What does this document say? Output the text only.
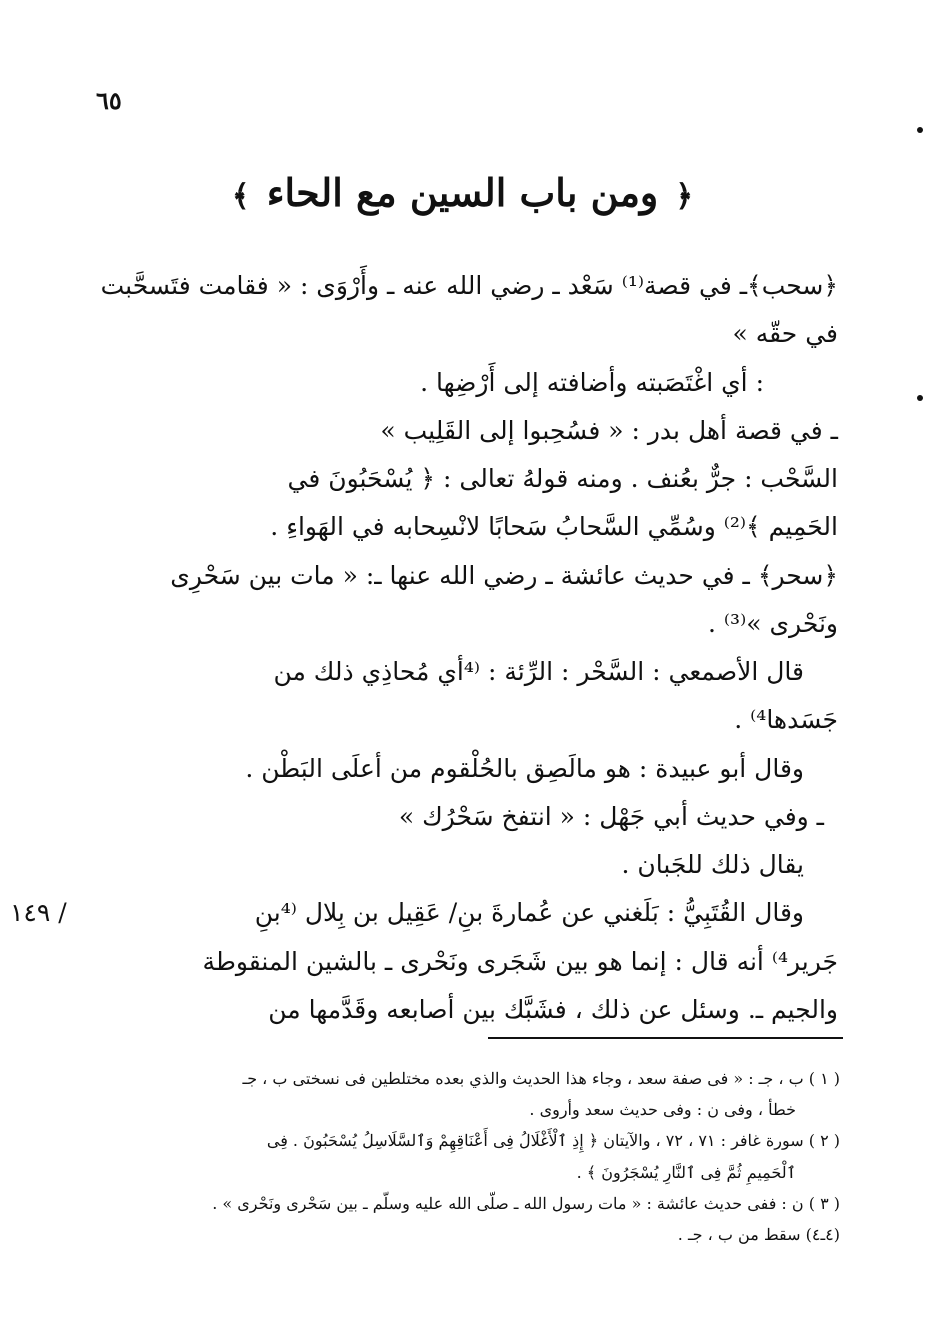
٦٥
﴿ ومن باب السين مع الحاء ﴾

﴿سحب﴾ـ في قصة⁽¹⁾ سَعْد ـ رضي الله عنه ـ وأَرْوَى : « فقامت فتَسحَّبت

في حقّه »

: أي اغْتَصَبته وأضافته إلى أَرْضِها .

ـ في قصة أهل بدر : « فسُحِبوا إلى القَلِيب »

السَّحْب : جرٌّ بعُنف . ومنه قولهُ تعالى : ﴿ يُسْحَبُونَ في

الحَمِيم ﴾⁽²⁾ وسُمِّي السَّحابُ سَحابًا لانْسِحابه في الهَواءِ .

﴿سحر﴾ ـ في حديث عائشة ـ رضي الله عنها ـ: « مات بين سَحْرِى

ونَحْرى »⁽³⁾ .

قال الأصمعي : السَّحْر : الرِّئة : ⁽⁴أي مُحاذِي ذلك من

جَسَدها⁴⁾ .

وقال أبو عبيدة : هو مالَصِق بالحُلْقوم من أعلَى البَطْن .

ـ وفي حديث أبي جَهْل : « انتفخ سَحْرُك »

يقال ذلك للجَبان .

١٤٩ /	وقال القُتَبِيُّ : بَلَغني عن عُمارةَ بنِ/ عَقِيل بن بِلال ⁽⁴بنِ

جَرير⁴⁾ أنه قال : إنما هو بين شَجَرى ونَحْرى ـ بالشين المنقوطة

والجيم ـ. وسئل عن ذلك ، فشَبَّك بين أصابعه وقَدَّمها من

( ١ ) ب ، جـ : « فى صفة سعد ، وجاء هذا الحديث والذي بعده مختلطين فى نسختى ب ، جـ

خطأ ، وفى ن : وفى حديث سعد وأروى .

( ٢ ) سورة غافر : ٧١ ، ٧٢ ، والآيتان ﴿ إِذِ ٱلْأَغْلَالُ فِى أَعْنَاقِهِمْ وَٱلسَّلَاسِلُ يُسْحَبُونَ . فِى

ٱلْحَمِيمِ ثُمَّ فِى ٱلنَّارِ يُسْجَرُونَ ﴾ .

( ٣ ) ن : ففى حديث عائشة : « مات رسول الله ـ صلّى الله عليه وسلّم ـ بين سَحْرى ونَحْرى » .

(٤ـ٤) سقط من ب ، جـ .
